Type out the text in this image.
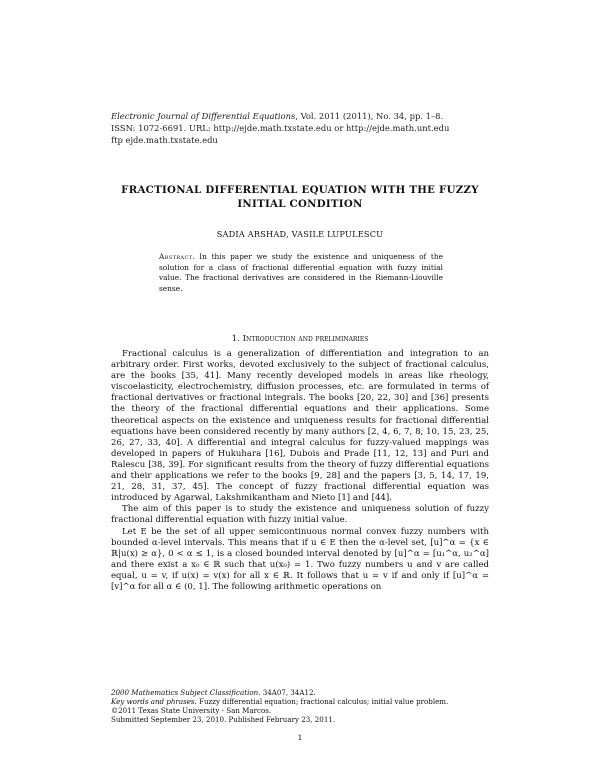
Electronic Journal of Differential Equations, Vol. 2011 (2011), No. 34, pp. 1–8.
ISSN: 1072-6691. URL: http://ejde.math.txstate.edu or http://ejde.math.unt.edu
ftp ejde.math.txstate.edu
FRACTIONAL DIFFERENTIAL EQUATION WITH THE FUZZY
INITIAL CONDITION
SADIA ARSHAD, VASILE LUPULESCU
Abstract. In this paper we study the existence and uniqueness of the solution for a class of fractional differential equation with fuzzy initial value. The fractional derivatives are considered in the Riemann-Liouville sense.
1. Introduction and preliminaries

Fractional calculus is a generalization of differentiation and integration to an arbitrary order. First works, devoted exclusively to the subject of fractional calculus, are the books [35, 41]. Many recently developed models in areas like rheology, viscoelasticity, electrochemistry, diffusion processes, etc. are formulated in terms of fractional derivatives or fractional integrals. The books [20, 22, 30] and [36] presents the theory of the fractional differential equations and their applications. Some theoretical aspects on the existence and uniqueness results for fractional differential equations have been considered recently by many authors [2, 4, 6, 7, 8, 10, 15, 23, 25, 26, 27, 33, 40]. A differential and integral calculus for fuzzy-valued mappings was developed in papers of Hukuhara [16], Dubois and Prade [11, 12, 13] and Puri and Ralescu [38, 39]. For significant results from the theory of fuzzy differential equations and their applications we refer to the books [9, 28] and the papers [3, 5, 14, 17, 19, 21, 28, 31, 37, 45]. The concept of fuzzy fractional differential equation was introduced by Agarwal, Lakshmikantham and Nieto [1] and [44].

The aim of this paper is to study the existence and uniqueness solution of fuzzy fractional differential equation with fuzzy initial value.

Let E be the set of all upper semicontinuous normal convex fuzzy numbers with bounded α-level intervals. This means that if u ∈ E then the α-level set, [u]^α = {x ∈ ℝ|u(x) ≥ α}, 0 < α ≤ 1, is a closed bounded interval denoted by [u]^α = [u₁^α, u₂^α] and there exist a x₀ ∈ ℝ such that u(x₀) = 1. Two fuzzy numbers u and v are called equal, u = v, if u(x) = v(x) for all x ∈ ℝ. It follows that u = v if and only if [u]^α = [v]^α for all α ∈ (0, 1]. The following arithmetic operations on

2000 Mathematics Subject Classification. 34A07, 34A12.
Key words and phrases. Fuzzy differential equation; fractional calculus; initial value problem.
©2011 Texas State University - San Marcos.
Submitted September 23, 2010. Published February 23, 2011.
1
